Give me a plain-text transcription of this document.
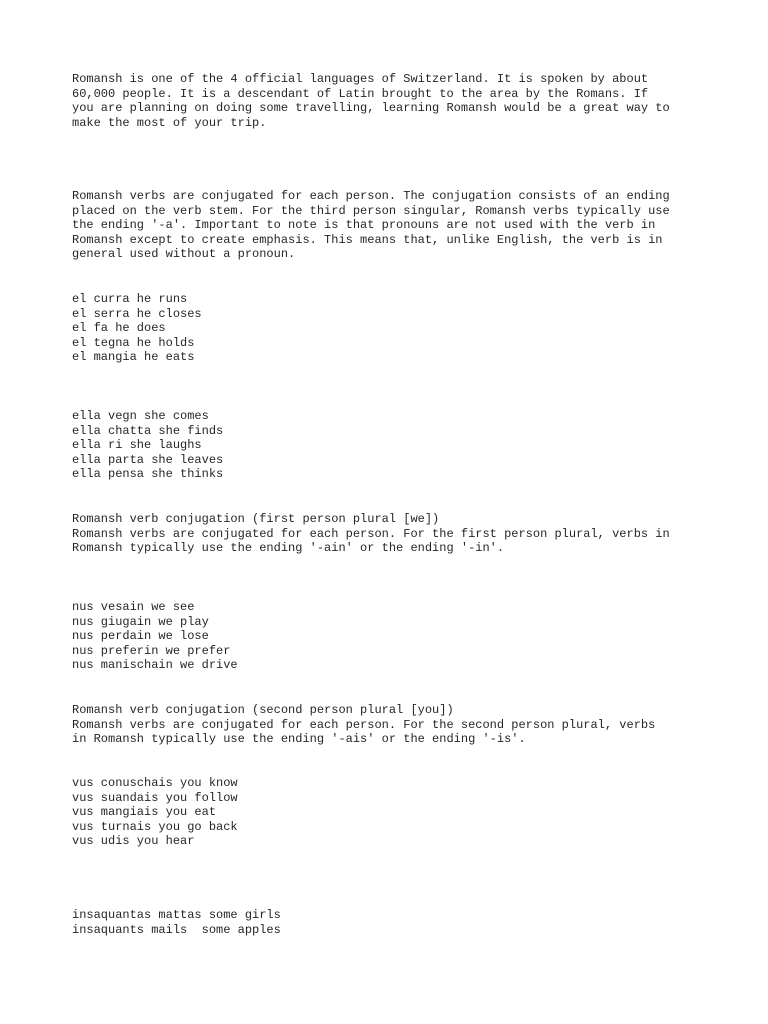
Romansh is one of the 4 official languages of Switzerland. It is spoken by about

60,000 people. It is a descendant of Latin brought to the area by the Romans. If

you are planning on doing some travelling, learning Romansh would be a great way to

make the most of your trip.

Romansh verbs are conjugated for each person. The conjugation consists of an ending

placed on the verb stem. For the third person singular, Romansh verbs typically use

the ending '-a'. Important to note is that pronouns are not used with the verb in

Romansh except to create emphasis. This means that, unlike English, the verb is in

general used without a pronoun.

el curra he runs

el serra he closes

el fa he does

el tegna he holds

el mangia he eats

ella vegn she comes

ella chatta she finds

ella ri she laughs

ella parta she leaves

ella pensa she thinks

Romansh verb conjugation (first person plural [we])

Romansh verbs are conjugated for each person. For the first person plural, verbs in

Romansh typically use the ending '-ain' or the ending '-in'.

nus vesain we see

nus giugain we play

nus perdain we lose

nus preferin we prefer

nus manischain we drive

Romansh verb conjugation (second person plural [you])

Romansh verbs are conjugated for each person. For the second person plural, verbs

in Romansh typically use the ending '-ais' or the ending '-is'.

vus conuschais you know

vus suandais you follow

vus mangiais you eat

vus turnais you go back

vus udis you hear

insaquantas mattas some girls

insaquants mails  some apples
